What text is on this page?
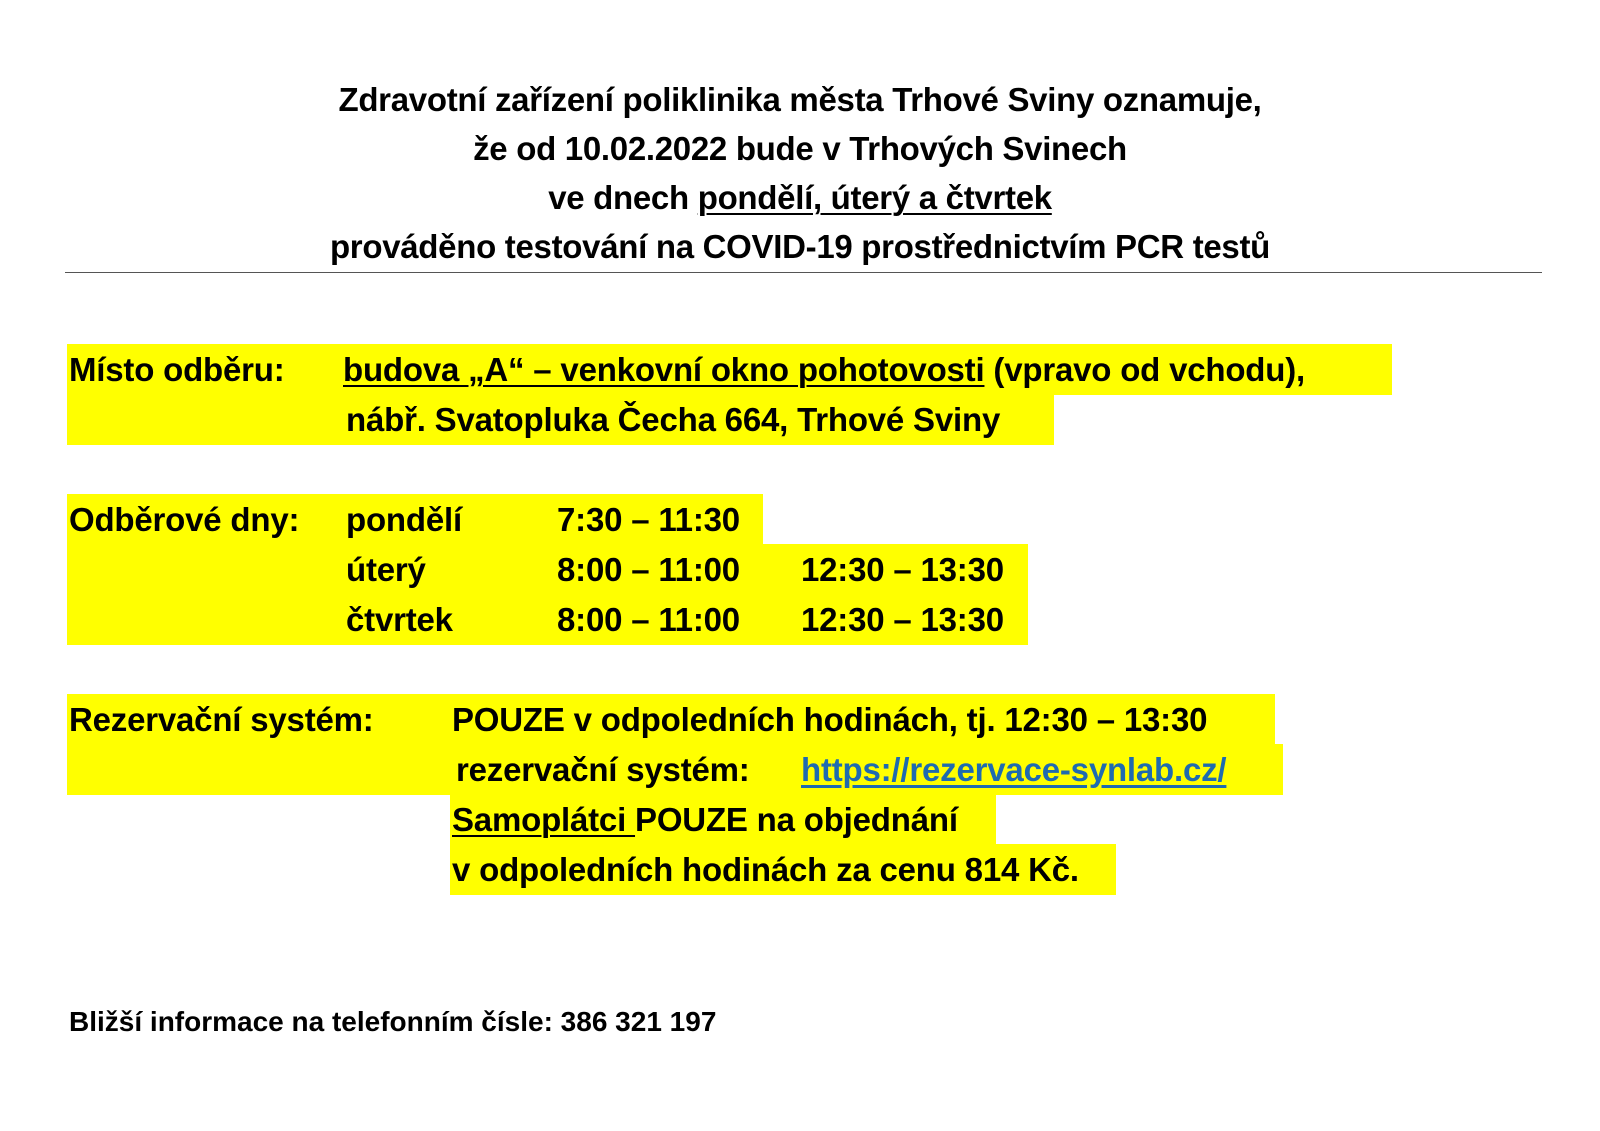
Zdravotní zařízení poliklinika města Trhové Sviny oznamuje,
že od 10.02.2022 bude v Trhových Svinech
ve dnech pondělí, úterý a čtvrtek
prováděno testování na COVID-19 prostřednictvím PCR testů
Místo odběru: budova „A“ – venkovní okno pohotovosti (vpravo od vchodu),
nábř. Svatopluka Čecha 664, Trhové Sviny
Odběrové dny: pondělí	7:30 – 11:30
úterý	8:00 – 11:00 12:30 – 13:30
čtvrtek	8:00 – 11:00 12:30 – 13:30
Rezervační systém: POUZE v odpoledních hodinách, tj. 12:30 – 13:30
rezervační systém: https://rezervace-synlab.cz/
Samoplátci POUZE na objednání
v odpoledních hodinách za cenu 814 Kč.
Bližší informace na telefonním čísle: 386 321 197
